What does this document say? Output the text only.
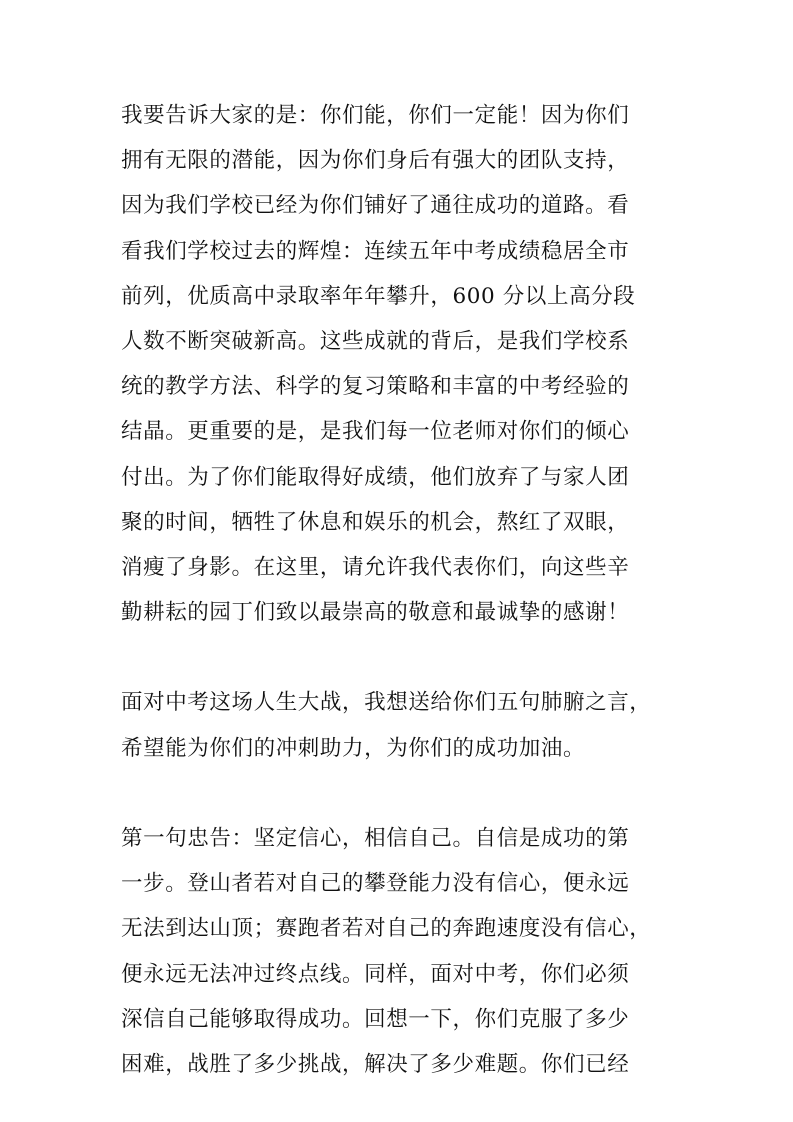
我要告诉大家的是：你们能，你们一定能！因为你们
拥有无限的潜能，因为你们身后有强大的团队支持，
因为我们学校已经为你们铺好了通往成功的道路。看
看我们学校过去的辉煌：连续五年中考成绩稳居全市
前列，优质高中录取率年年攀升，600 分以上高分段
人数不断突破新高。这些成就的背后，是我们学校系
统的教学方法、科学的复习策略和丰富的中考经验的
结晶。更重要的是，是我们每一位老师对你们的倾心
付出。为了你们能取得好成绩，他们放弃了与家人团
聚的时间，牺牲了休息和娱乐的机会，熬红了双眼，
消瘦了身影。在这里，请允许我代表你们，向这些辛
勤耕耘的园丁们致以最崇高的敬意和最诚挚的感谢！
面对中考这场人生大战，我想送给你们五句肺腑之言，
希望能为你们的冲刺助力，为你们的成功加油。
第一句忠告：坚定信心，相信自己。自信是成功的第
一步。登山者若对自己的攀登能力没有信心，便永远
无法到达山顶；赛跑者若对自己的奔跑速度没有信心，
便永远无法冲过终点线。同样，面对中考，你们必须
深信自己能够取得成功。回想一下，你们克服了多少
困难，战胜了多少挑战，解决了多少难题。你们已经
